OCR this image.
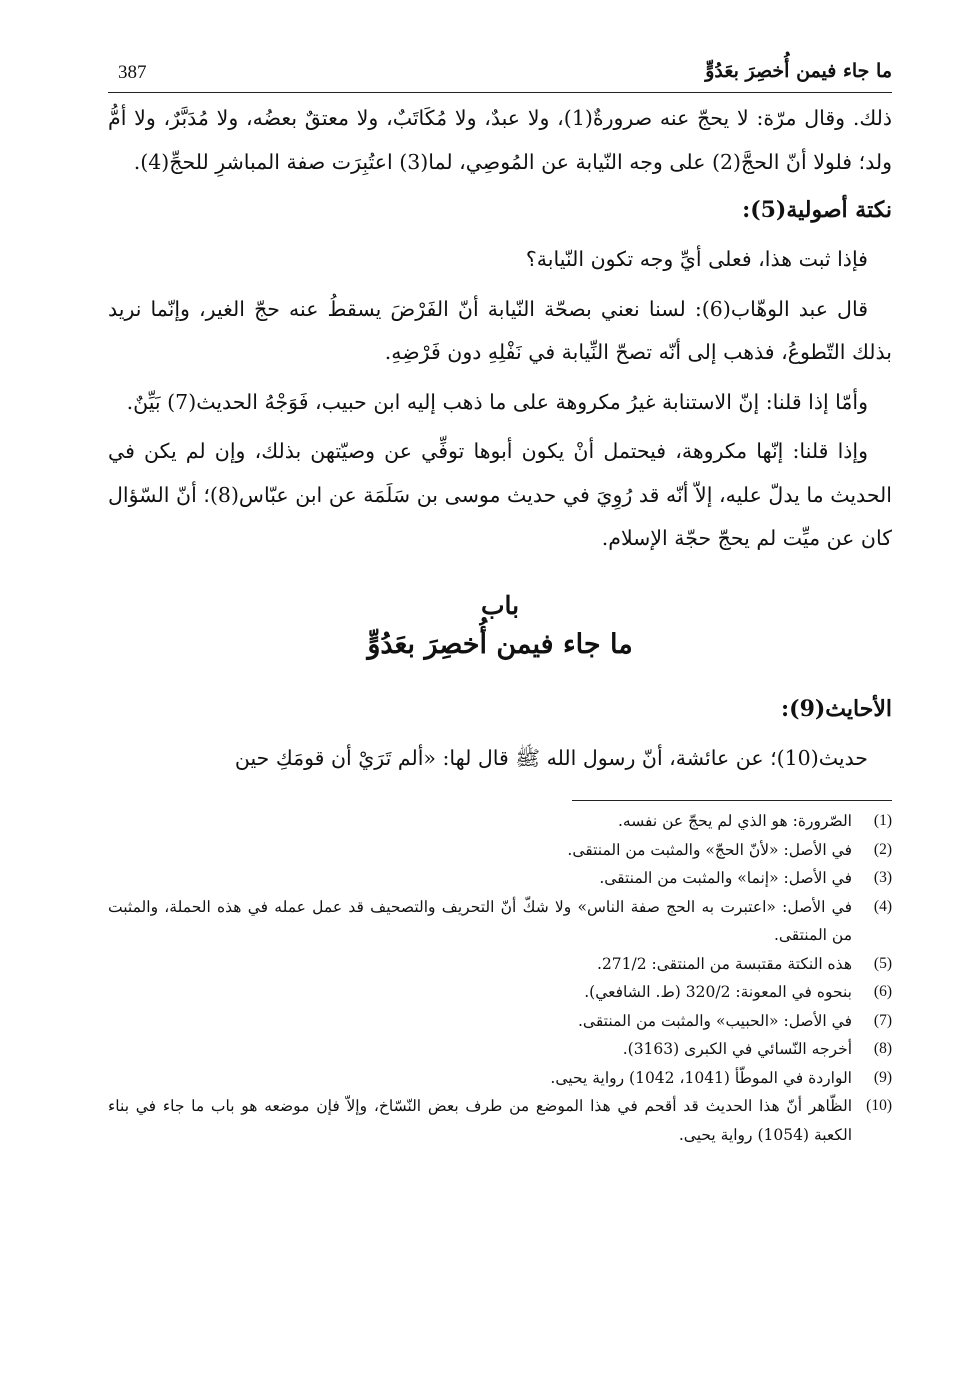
387	ما جاء فيمن أُخصِرَ بعَدُوٍّ

ذلك. وقال مرّة: لا يحجّ عنه صرورةٌ(1)، ولا عبدٌ، ولا مُكَاتَبٌ، ولا معتقٌ بعضُه، ولا مُدَبَّرٌ، ولا أمُّ ولد؛ فلولا أنّ الحجَّ(2) على وجه النّيابة عن المُوصِي، لما(3) اعتُبِرَت صفة المباشرِ للحجِّ(4).

نكتة أصولية(5):

فإذا ثبت هذا، فعلى أيِّ وجه تكون النّيابة؟

قال عبد الوهّاب(6): لسنا نعني بصحّة النّيابة أنّ الفَرْضَ يسقطُ عنه حجّ الغير، وإنّما نريد بذلك التّطوعُ، فذهب إلى أنّه تصحّ النِّيابة في نَفْلِهِ دون فَرْضِهِ.

وأمّا إذا قلنا: إنّ الاستنابة غيرُ مكروهة على ما ذهب إليه ابن حبيب، فَوَجْهُ الحديث(7) بَيِّنٌ.

وإذا قلنا: إنّها مكروهة، فيحتمل أنْ يكون أبوها توفِّي عن وصيّتهن بذلك، وإن لم يكن في الحديث ما يدلّ عليه، إلاّ أنّه قد رُوِيَ في حديث موسى بن سَلَمَة عن ابن عبّاس(8)؛ أنّ السّؤال كان عن ميِّت لم يحجّ حجّة الإسلام.

باب
ما جاء فيمن أُخصِرَ بعَدُوٍّ
الأحايث(9):

حديث(10)؛ عن عائشة، أنّ رسول الله ﷺ قال لها: «ألم تَرَيْ أن قومَكِ حين

(1)
الصّرورة: هو الذي لم يحجّ عن نفسه.
(2)
في الأصل: «لأنّ الحجّ» والمثبت من المنتقى.
(3)
في الأصل: «إنما» والمثبت من المنتقى.
(4)
في الأصل: «اعتبرت به الحج صفة الناس» ولا شكّ أنّ التحريف والتصحيف قد عمل عمله في هذه الحملة، والمثبت من المنتقى.
(5)
هذه النكتة مقتبسة من المنتقى: 271/2.
(6)
بنحوه في المعونة: 320/2 (ط. الشافعي).
(7)
في الأصل: «الحبيب» والمثبت من المنتقى.
(8)
أخرجه النّسائي في الكبرى (3163).
(9)
الواردة في الموطّأ (1041، 1042) رواية يحيى.
(10)
الظّاهر أنّ هذا الحديث قد أقحم في هذا الموضع من طرف بعض النّسّاخ، وإلاّ فإن موضعه هو باب ما جاء في بناء الكعبة (1054) رواية يحيى.
